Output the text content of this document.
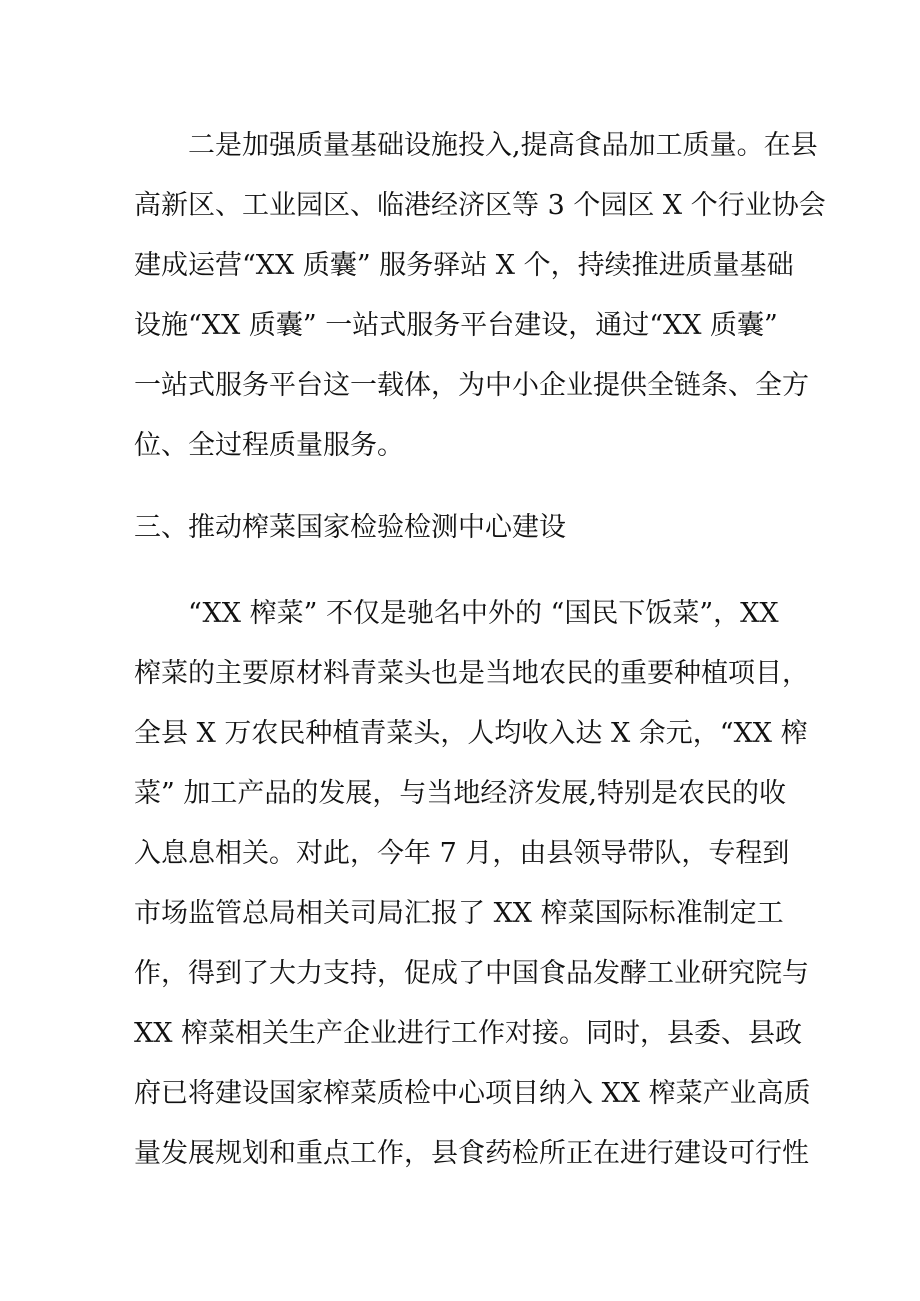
二是加强质量基础设施投入,提高食品加工质量。在县

高新区、工业园区、临港经济区等 3 个园区 X 个行业协会

建成运营“XX 质囊” 服务驿站 X 个，持续推进质量基础

设施“XX 质囊” 一站式服务平台建设，通过“XX 质囊”

一站式服务平台这一载体，为中小企业提供全链条、全方

位、全过程质量服务。

三、推动榨菜国家检验检测中心建设

“XX 榨菜” 不仅是驰名中外的 “国民下饭菜”，XX

榨菜的主要原材料青菜头也是当地农民的重要种植项目，

全县 X 万农民种植青菜头，人均收入达 X 余元，“XX 榨

菜” 加工产品的发展，与当地经济发展,特别是农民的收

入息息相关。对此，今年 7 月，由县领导带队，专程到

市场监管总局相关司局汇报了 XX 榨菜国际标准制定工

作，得到了大力支持，促成了中国食品发酵工业研究院与

XX 榨菜相关生产企业进行工作对接。同时，县委、县政

府已将建设国家榨菜质检中心项目纳入 XX 榨菜产业高质

量发展规划和重点工作，县食药检所正在进行建设可行性
